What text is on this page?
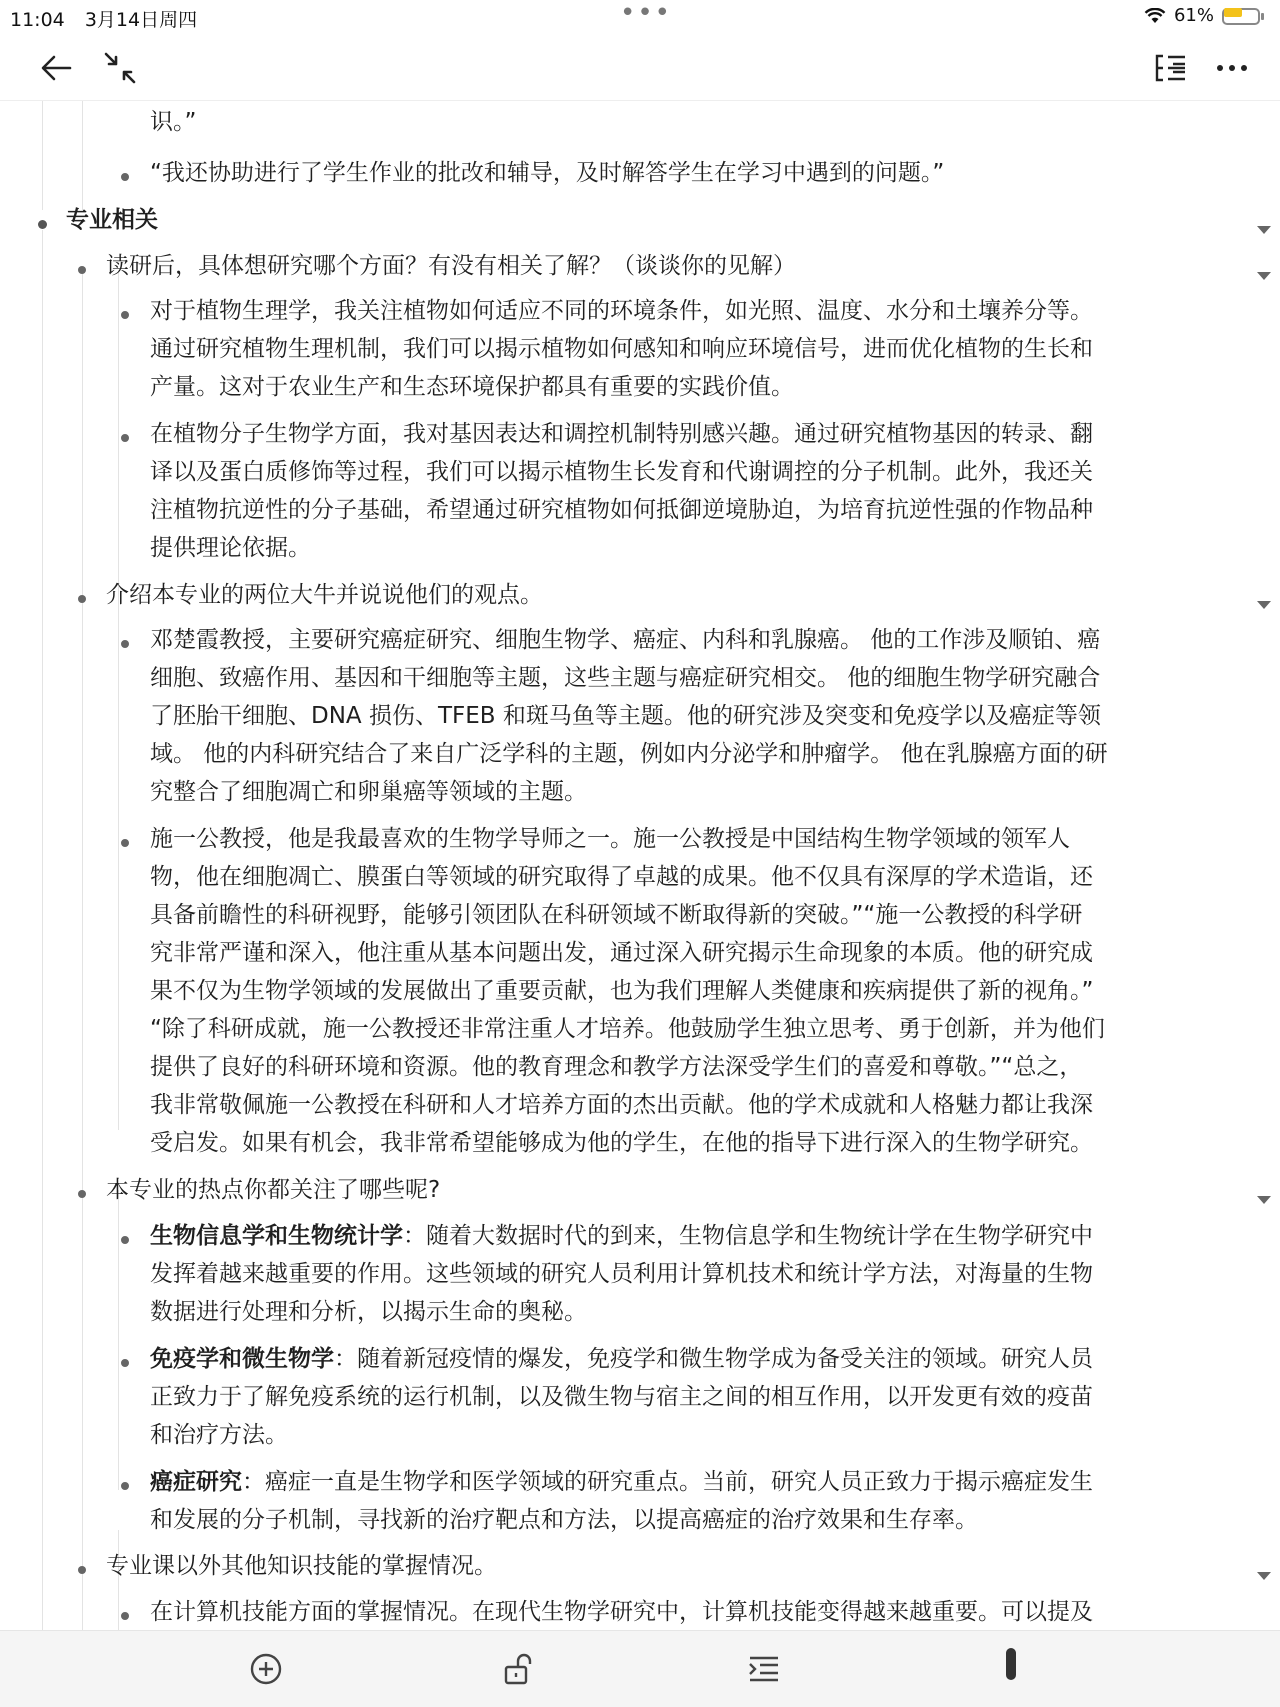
11:04 3月14日周四	•••	61%
识。”
“我还协助进行了学生作业的批改和辅导，及时解答学生在学习中遇到的问题。”
专业相关
读研后，具体想研究哪个方面？有没有相关了解？（谈谈你的见解）
对于植物生理学，我关注植物如何适应不同的环境条件，如光照、温度、水分和土壤养分等。
通过研究植物生理机制，我们可以揭示植物如何感知和响应环境信号，进而优化植物的生长和
产量。这对于农业生产和生态环境保护都具有重要的实践价值。
在植物分子生物学方面，我对基因表达和调控机制特别感兴趣。通过研究植物基因的转录、翻
译以及蛋白质修饰等过程，我们可以揭示植物生长发育和代谢调控的分子机制。此外，我还关
注植物抗逆性的分子基础，希望通过研究植物如何抵御逆境胁迫，为培育抗逆性强的作物品种
提供理论依据。
介绍本专业的两位大牛并说说他们的观点。
邓楚霞教授，主要研究癌症研究、细胞生物学、癌症、内科和乳腺癌。 他的工作涉及顺铂、癌
细胞、致癌作用、基因和干细胞等主题，这些主题与癌症研究相交。 他的细胞生物学研究融合
了胚胎干细胞、DNA 损伤、TFEB 和斑马鱼等主题。他的研究涉及突变和免疫学以及癌症等领
域。 他的内科研究结合了来自广泛学科的主题，例如内分泌学和肿瘤学。 他在乳腺癌方面的研
究整合了细胞凋亡和卵巢癌等领域的主题。
施一公教授，他是我最喜欢的生物学导师之一。施一公教授是中国结构生物学领域的领军人
物，他在细胞凋亡、膜蛋白等领域的研究取得了卓越的成果。他不仅具有深厚的学术造诣，还
具备前瞻性的科研视野，能够引领团队在科研领域不断取得新的突破。”“施一公教授的科学研
究非常严谨和深入，他注重从基本问题出发，通过深入研究揭示生命现象的本质。他的研究成
果不仅为生物学领域的发展做出了重要贡献，也为我们理解人类健康和疾病提供了新的视角。”
“除了科研成就，施一公教授还非常注重人才培养。他鼓励学生独立思考、勇于创新，并为他们
提供了良好的科研环境和资源。他的教育理念和教学方法深受学生们的喜爱和尊敬。”“总之，
我非常敬佩施一公教授在科研和人才培养方面的杰出贡献。他的学术成就和人格魅力都让我深
受启发。如果有机会，我非常希望能够成为他的学生，在他的指导下进行深入的生物学研究。
本专业的热点你都关注了哪些呢?
生物信息学和生物统计学：随着大数据时代的到来，生物信息学和生物统计学在生物学研究中
发挥着越来越重要的作用。这些领域的研究人员利用计算机技术和统计学方法，对海量的生物
数据进行处理和分析，以揭示生命的奥秘。
免疫学和微生物学：随着新冠疫情的爆发，免疫学和微生物学成为备受关注的领域。研究人员
正致力于了解免疫系统的运行机制，以及微生物与宿主之间的相互作用，以开发更有效的疫苗
和治疗方法。
癌症研究：癌症一直是生物学和医学领域的研究重点。当前，研究人员正致力于揭示癌症发生
和发展的分子机制，寻找新的治疗靶点和方法，以提高癌症的治疗效果和生存率。
专业课以外其他知识技能的掌握情况。
在计算机技能方面的掌握情况。在现代生物学研究中，计算机技能变得越来越重要。可以提及
